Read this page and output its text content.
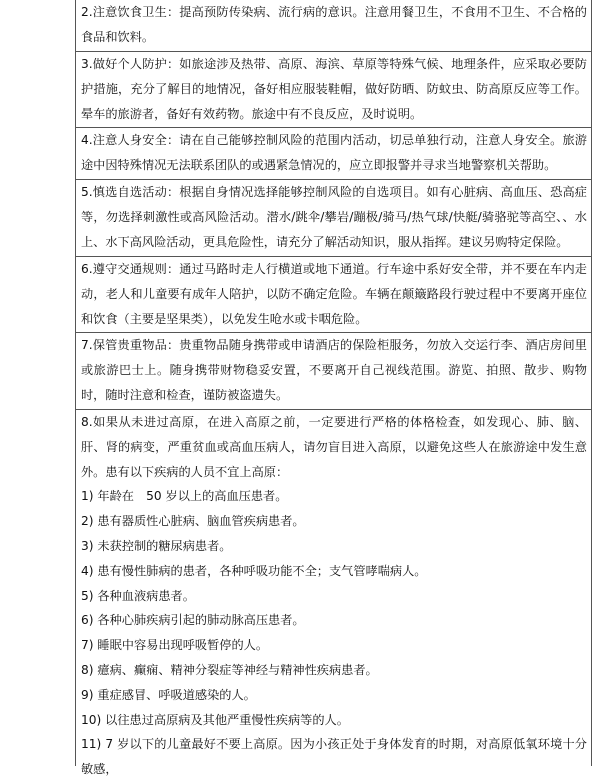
2.注意饮食卫生：提高预防传染病、流行病的意识。注意用餐卫生，不食用不卫生、不合格的食品和饮料。

3.做好个人防护：如旅途涉及热带、高原、海滨、草原等特殊气候、地理条件，应采取必要防护措施，充分了解目的地情况，备好相应服装鞋帽，做好防晒、防蚊虫、防高原反应等工作。晕车的旅游者，备好有效药物。旅途中有不良反应，及时说明。

4.注意人身安全：请在自己能够控制风险的范围内活动，切忌单独行动，注意人身安全。旅游途中因特殊情况无法联系团队的或遇紧急情况的，应立即报警并寻求当地警察机关帮助。

5.慎选自选活动：根据自身情况选择能够控制风险的自选项目。如有心脏病、高血压、恐高症等，勿选择刺激性或高风险活动。潜水/跳伞/攀岩/蹦极/骑马/热气球/快艇/骑骆驼等高空、、水上、水下高风险活动，更具危险性，请充分了解活动知识，服从指挥。建议另购特定保险。

6.遵守交通规则：通过马路时走人行横道或地下通道。行车途中系好安全带，并不要在车内走动，老人和儿童要有成年人陪护，以防不确定危险。车辆在颠簸路段行驶过程中不要离开座位和饮食（主要是坚果类），以免发生呛水或卡咽危险。

7.保管贵重物品：贵重物品随身携带或申请酒店的保险柜服务，勿放入交运行李、酒店房间里或旅游巴士上。随身携带财物稳妥安置，不要离开自己视线范围。游览、拍照、散步、购物时，随时注意和检查，谨防被盗遗失。

8.如果从未进过高原，在进入高原之前，一定要进行严格的体格检查，如发现心、肺、脑、肝、肾的病变，严重贫血或高血压病人，请勿盲目进入高原，以避免这些人在旅游途中发生意外。患有以下疾病的人员不宜上高原：

1) 年龄在　50 岁以上的高血压患者。

2) 患有器质性心脏病、脑血管疾病患者。

3) 未获控制的糖尿病患者。

4) 患有慢性肺病的患者，各种呼吸功能不全；支气管哮喘病人。

5) 各种血液病患者。

6) 各种心肺疾病引起的肺动脉高压患者。

7) 睡眠中容易出现呼吸暂停的人。

8) 癔病、癫痫、精神分裂症等神经与精神性疾病患者。

9) 重症感冒、呼吸道感染的人。

10) 以往患过高原病及其他严重慢性疾病等的人。

11) 7 岁以下的儿童最好不要上高原。因为小孩正处于身体发育的时期，对高原低氧环境十分敏感，
